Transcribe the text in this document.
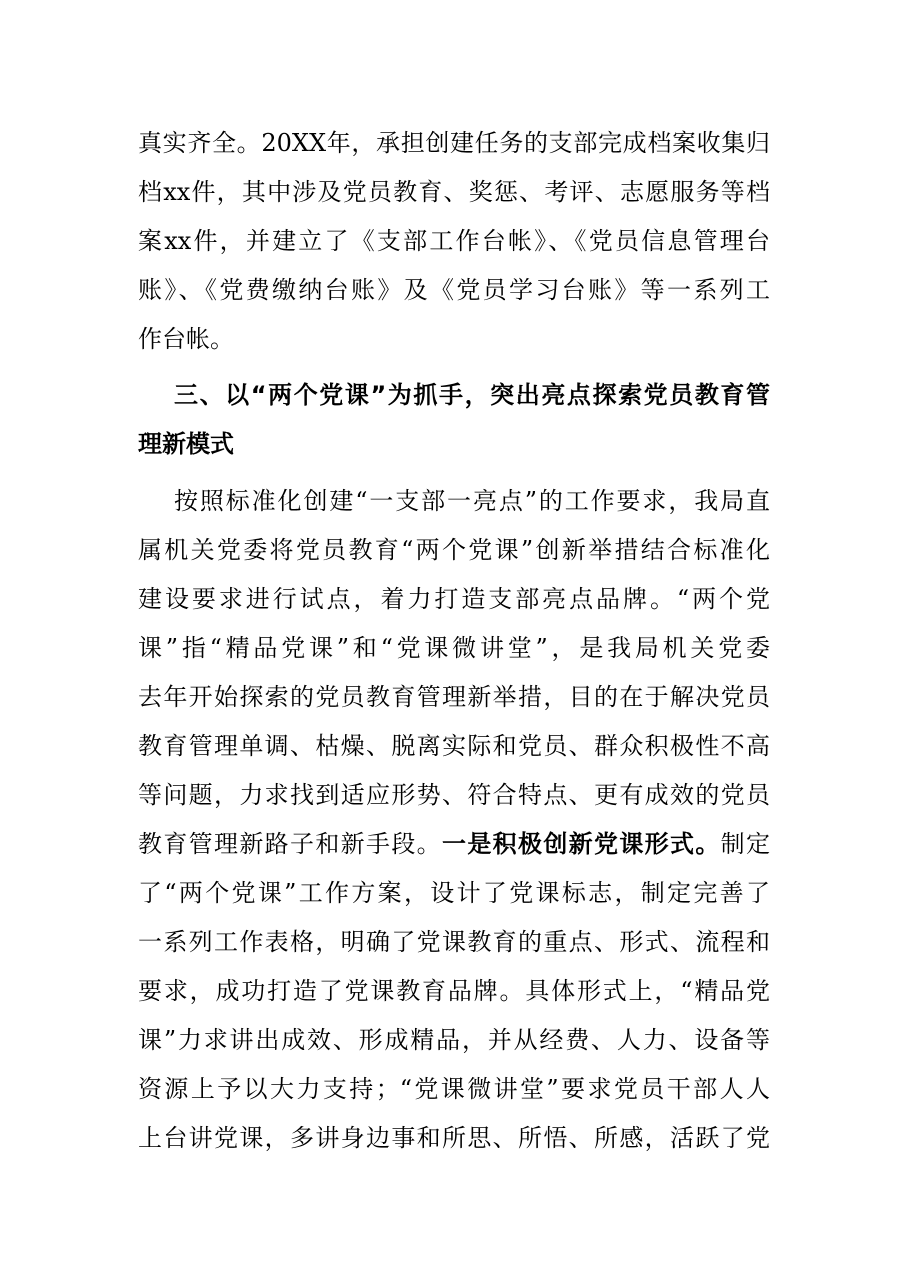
真实齐全。20XX年，承担创建任务的支部完成档案收集归
档xx件，其中涉及党员教育、奖惩、考评、志愿服务等档
案xx件，并建立了《支部工作台帐》、《党员信息管理台
账》、《党费缴纳台账》及《党员学习台账》等一系列工
作台帐。
三、以“两个党课”为抓手，突出亮点探索党员教育管
理新模式
按照标准化创建“一支部一亮点”的工作要求，我局直
属机关党委将党员教育“两个党课”创新举措结合标准化
建设要求进行试点，着力打造支部亮点品牌。“两个党
课”指“精品党课”和“党课微讲堂”，是我局机关党委
去年开始探索的党员教育管理新举措，目的在于解决党员
教育管理单调、枯燥、脱离实际和党员、群众积极性不高
等问题，力求找到适应形势、符合特点、更有成效的党员
教育管理新路子和新手段。一是积极创新党课形式。制定
了“两个党课”工作方案，设计了党课标志，制定完善了
一系列工作表格，明确了党课教育的重点、形式、流程和
要求，成功打造了党课教育品牌。具体形式上，“精品党
课”力求讲出成效、形成精品，并从经费、人力、设备等
资源上予以大力支持；“党课微讲堂”要求党员干部人人
上台讲党课，多讲身边事和所思、所悟、所感，活跃了党
